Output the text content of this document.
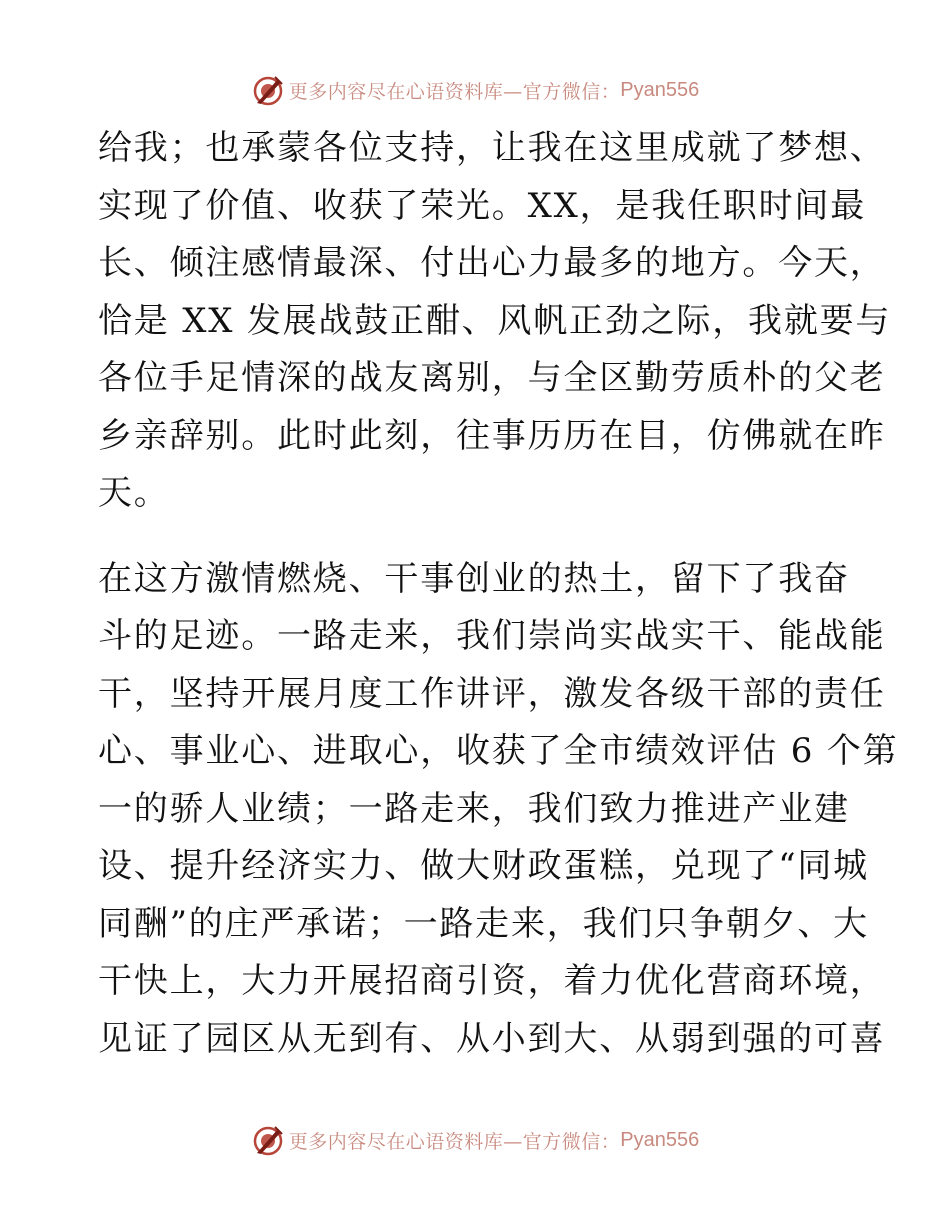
更多内容尽在心语资料库—官方微信： Pyan556
给我；也承蒙各位支持，让我在这里成就了梦想、
实现了价值、收获了荣光。XX，是我任职时间最
长、倾注感情最深、付出心力最多的地方。今天，
恰是 XX 发展战鼓正酣、风帆正劲之际，我就要与
各位手足情深的战友离别，与全区勤劳质朴的父老
乡亲辞别。此时此刻，往事历历在目，仿佛就在昨
天。
在这方激情燃烧、干事创业的热土，留下了我奋
斗的足迹。一路走来，我们崇尚实战实干、能战能
干，坚持开展月度工作讲评，激发各级干部的责任
心、事业心、进取心，收获了全市绩效评估 6 个第
一的骄人业绩；一路走来，我们致力推进产业建
设、提升经济实力、做大财政蛋糕，兑现了“同城
同酬”的庄严承诺；一路走来，我们只争朝夕、大
干快上，大力开展招商引资，着力优化营商环境，
见证了园区从无到有、从小到大、从弱到强的可喜
更多内容尽在心语资料库—官方微信： Pyan556
